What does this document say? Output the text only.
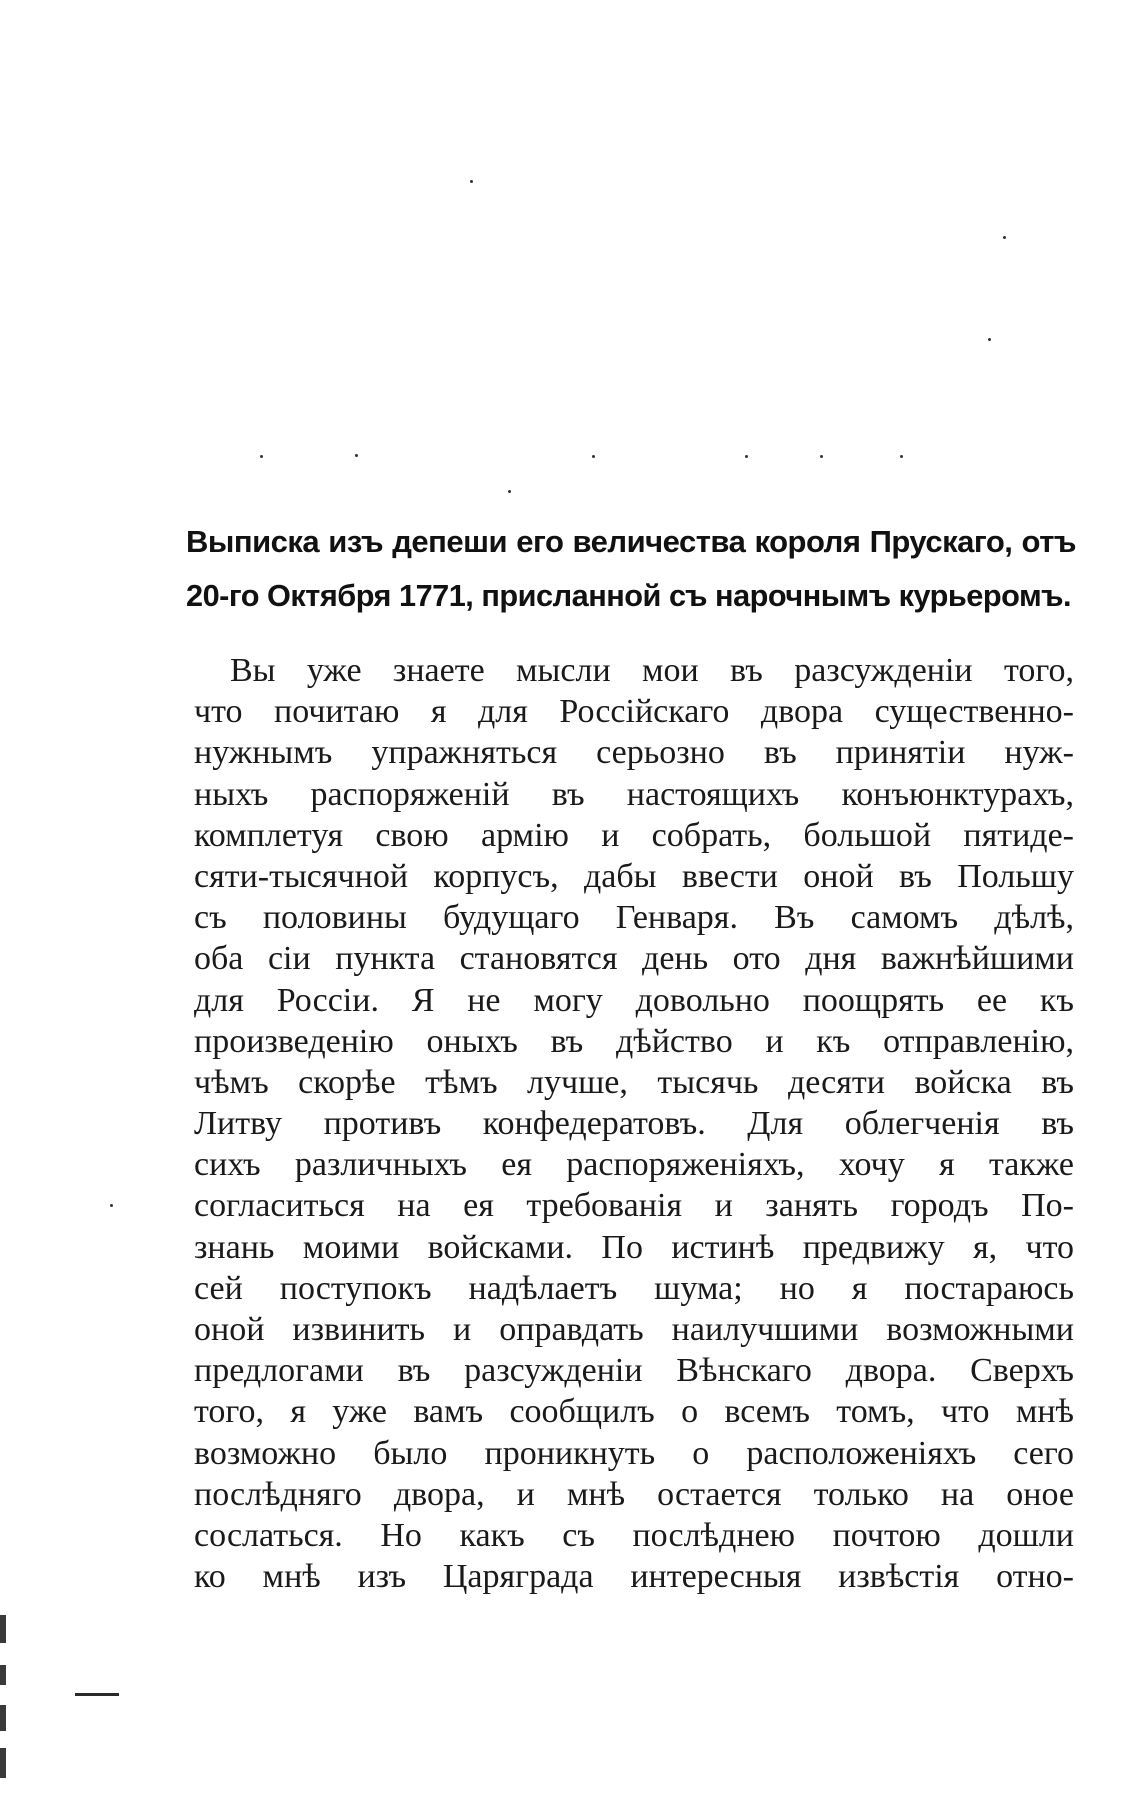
Выписка изъ депеши его величества короля Прускаго, отъ
20-го Октября 1771, присланной съ нарочнымъ курьеромъ.
Вы уже знаете мысли мои въ разсужденіи того,
что почитаю я для Россійскаго двора существенно-
нужнымъ упражняться серьозно въ принятіи нуж-
ныхъ распоряженій въ настоящихъ конъюнктурахъ,
комплетуя свою армію и собрать, большой пятиде-
сяти-тысячной корпусъ, дабы ввести оной въ Польшу
съ половины будущаго Генваря. Въ самомъ дѣлѣ,
оба сіи пункта становятся день ото дня важнѣйшими
для Россіи. Я не могу довольно поощрять ее къ
произведенію оныхъ въ дѣйство и къ отправленію,
чѣмъ скорѣе тѣмъ лучше, тысячь десяти войска въ
Литву противъ конфедератовъ. Для облегченія въ
сихъ различныхъ ея распоряженіяхъ, хочу я также
согласиться на ея требованія и занять городъ По-
знань моими войсками. По истинѣ предвижу я, что
сей поступокъ надѣлаетъ шума; но я постараюсь
оной извинить и оправдать наилучшими возможными
предлогами въ разсужденіи Вѣнскаго двора. Сверхъ
того, я уже вамъ сообщилъ о всемъ томъ, что мнѣ
возможно было проникнуть о расположеніяхъ сего
послѣдняго двора, и мнѣ остается только на оное
сослаться. Но какъ съ послѣднею почтою дошли
ко мнѣ изъ Царяграда интересныя извѣстія отно-
